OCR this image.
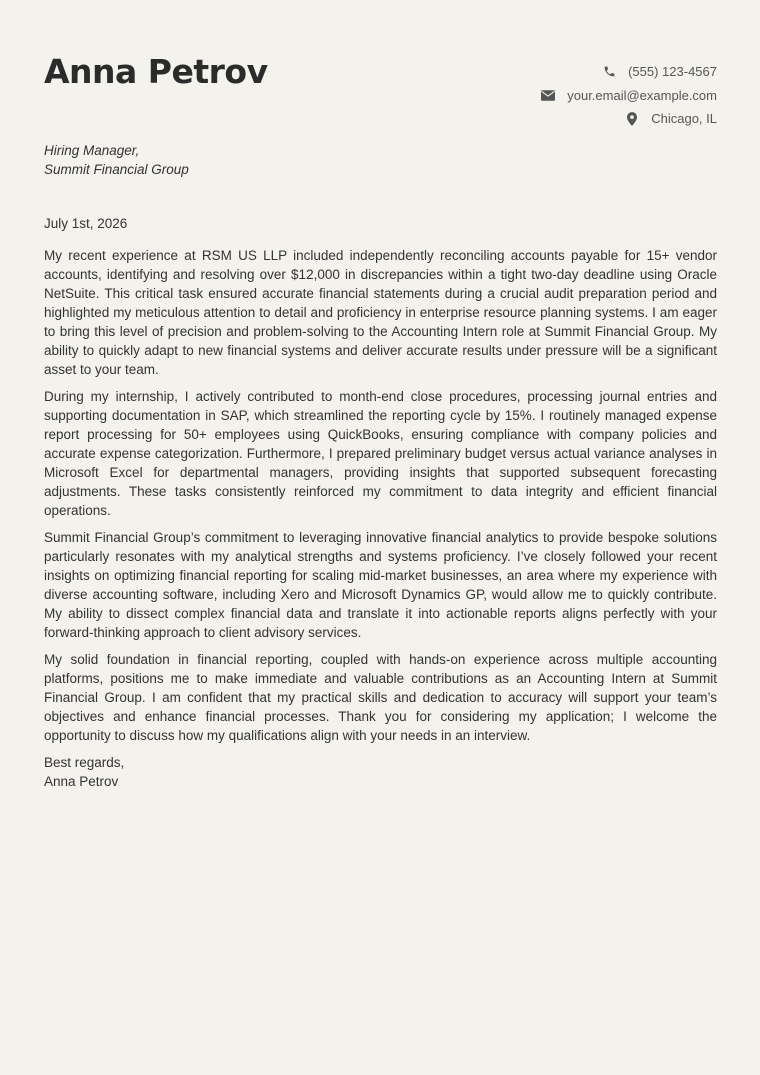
Anna Petrov	(555) 123-4567
your.email@example.com
Chicago, IL
Hiring Manager,
Summit Financial Group
July 1st, 2026

My recent experience at RSM US LLP included independently reconciling accounts payable for 15+ vendor accounts, identifying and resolving over $12,000 in discrepancies within a tight two-day deadline using Oracle NetSuite. This critical task ensured accurate financial statements during a crucial audit preparation period and highlighted my meticulous attention to detail and proficiency in enterprise resource planning systems. I am eager to bring this level of precision and problem-solving to the Accounting Intern role at Summit Financial Group. My ability to quickly adapt to new financial systems and deliver accurate results under pressure will be a significant asset to your team.

During my internship, I actively contributed to month-end close procedures, processing journal entries and supporting documentation in SAP, which streamlined the reporting cycle by 15%. I routinely managed expense report processing for 50+ employees using QuickBooks, ensuring compliance with company policies and accurate expense categorization. Furthermore, I prepared preliminary budget versus actual variance analyses in Microsoft Excel for departmental managers, providing insights that supported subsequent forecasting adjustments. These tasks consistently reinforced my commitment to data integrity and efficient financial operations.

Summit Financial Group’s commitment to leveraging innovative financial analytics to provide bespoke solutions particularly resonates with my analytical strengths and systems proficiency. I’ve closely followed your recent insights on optimizing financial reporting for scaling mid-market businesses, an area where my experience with diverse accounting software, including Xero and Microsoft Dynamics GP, would allow me to quickly contribute. My ability to dissect complex financial data and translate it into actionable reports aligns perfectly with your forward-thinking approach to client advisory services.

My solid foundation in financial reporting, coupled with hands-on experience across multiple accounting platforms, positions me to make immediate and valuable contributions as an Accounting Intern at Summit Financial Group. I am confident that my practical skills and dedication to accuracy will support your team’s objectives and enhance financial processes. Thank you for considering my application; I welcome the opportunity to discuss how my qualifications align with your needs in an interview.

Best regards,
Anna Petrov
